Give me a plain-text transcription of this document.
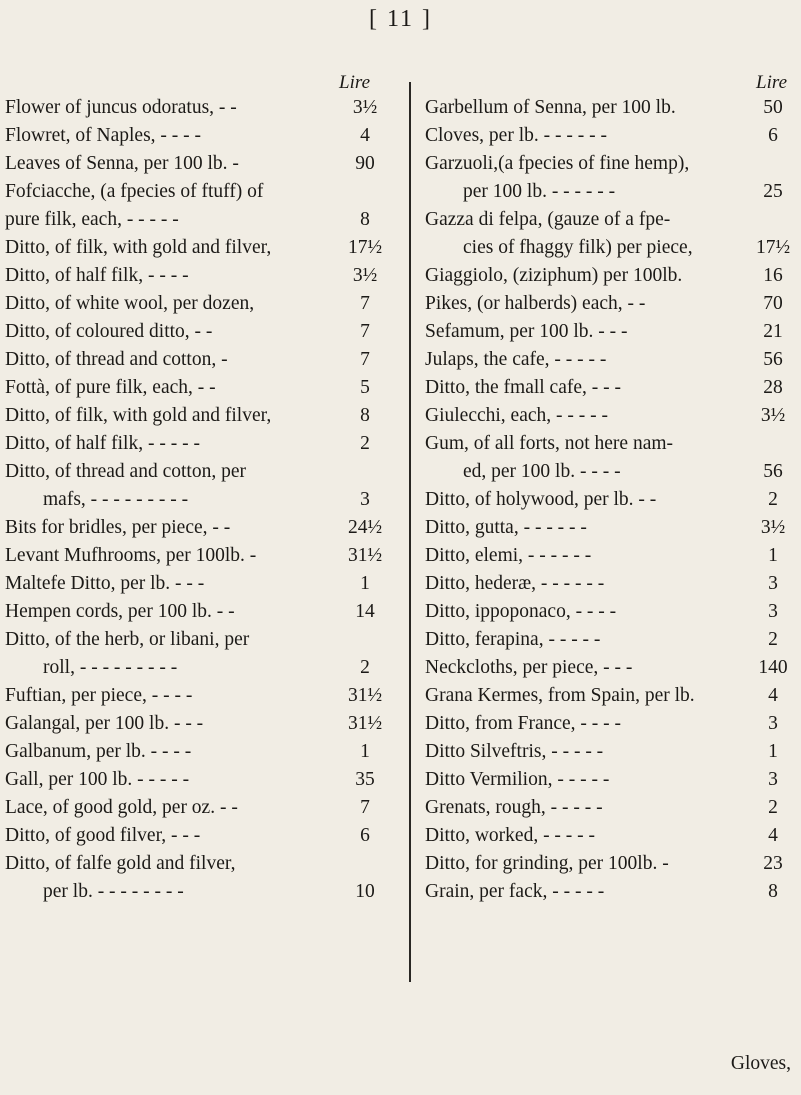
[ 11 ]
Lire
Flower of juncus odoratus, - -	3½
Flowret, of Naples, - - - -	4
Leaves of Senna, per 100 lb. -	90
Fofciacche, (a fpecies of ftuff) of
pure filk, each, - - - - -	8
Ditto, of filk, with gold and filver,	17½
Ditto, of half filk, - - - -	3½
Ditto, of white wool, per dozen,	7
Ditto, of coloured ditto, - -	7
Ditto, of thread and cotton, -	7
Fottà, of pure filk, each, - -	5
Ditto, of filk, with gold and filver,	8
Ditto, of half filk, - - - - -	2
Ditto, of thread and cotton, per
mafs, - - - - - - - - -	3
Bits for bridles, per piece, - -	24½
Levant Mufhrooms, per 100lb. -	31½
Maltefe Ditto, per lb. - - -	1
Hempen cords, per 100 lb. - -	14
Ditto, of the herb, or libani, per
roll, - - - - - - - - -	2
Fuftian, per piece, - - - -	31½
Galangal, per 100 lb. - - -	31½
Galbanum, per lb. - - - -	1
Gall, per 100 lb. - - - - -	35
Lace, of good gold, per oz. - -	7
Ditto, of good filver, - - -	6
Ditto, of falfe gold and filver,
per lb. - - - - - - - -	10
Lire
Garbellum of Senna, per 100 lb.	50
Cloves, per lb. - - - - - -	6
Garzuoli,(a fpecies of fine hemp),
per 100 lb. - - - - - -	25
Gazza di felpa, (gauze of a fpe-
cies of fhaggy filk) per piece,	17½
Giaggiolo, (ziziphum) per 100lb.	16
Pikes, (or halberds) each, - -	70
Sefamum, per 100 lb. - - -	21
Julaps, the cafe, - - - - -	56
Ditto, the fmall cafe, - - -	28
Giulecchi, each, - - - - -	3½
Gum, of all forts, not here nam-
ed, per 100 lb. - - - -	56
Ditto, of holywood, per lb. - -	2
Ditto, gutta, - - - - - -	3½
Ditto, elemi, - - - - - -	1
Ditto, hederæ, - - - - - -	3
Ditto, ippoponaco, - - - -	3
Ditto, ferapina, - - - - -	2
Neckcloths, per piece, - - -	140
Grana Kermes, from Spain, per lb.	4
Ditto, from France, - - - -	3
Ditto Silveftris, - - - - -	1
Ditto Vermilion, - - - - -	3
Grenats, rough, - - - - -	2
Ditto, worked, - - - - -	4
Ditto, for grinding, per 100lb. -	23
Grain, per fack, - - - - -	8
Gloves,
